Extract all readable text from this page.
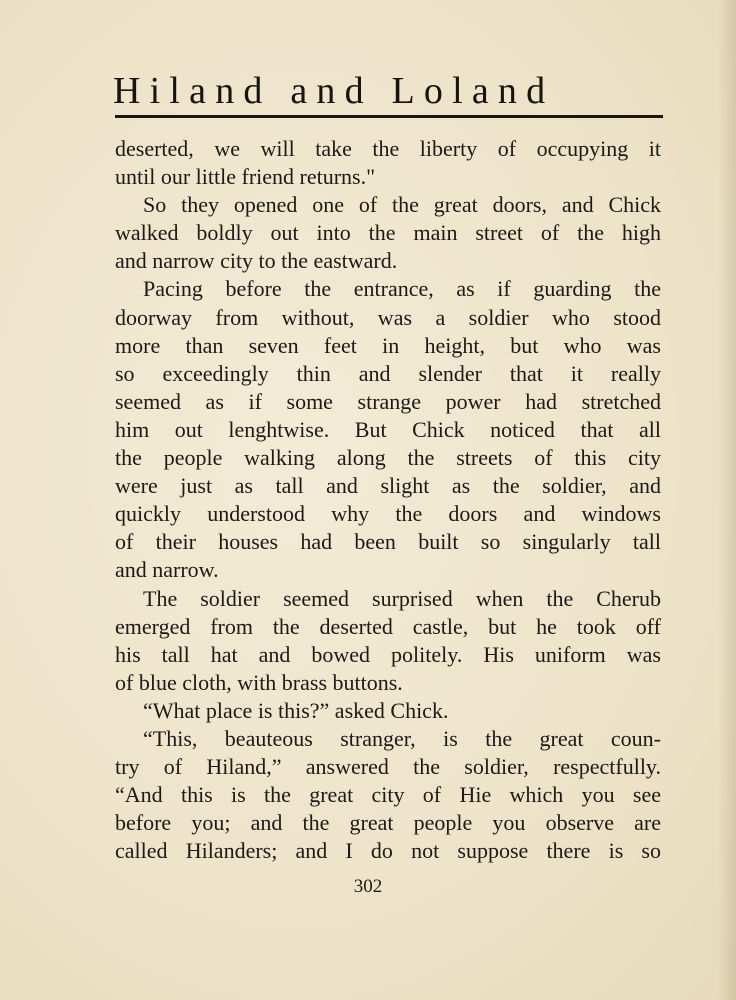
Hiland and Loland
deserted, we will take the liberty of occupying it
until our little friend returns."
So they opened one of the great doors, and Chick
walked boldly out into the main street of the high
and narrow city to the eastward.
Pacing before the entrance, as if guarding the
doorway from without, was a soldier who stood
more than seven feet in height, but who was
so exceedingly thin and slender that it really
seemed as if some strange power had stretched
him out lenghtwise. But Chick noticed that all
the people walking along the streets of this city
were just as tall and slight as the soldier, and
quickly understood why the doors and windows
of their houses had been built so singularly tall
and narrow.
The soldier seemed surprised when the Cherub
emerged from the deserted castle, but he took off
his tall hat and bowed politely. His uniform was
of blue cloth, with brass buttons.
“What place is this?” asked Chick.
“This, beauteous stranger, is the great coun-
try of Hiland,” answered the soldier, respectfully.
“And this is the great city of Hie which you see
before you; and the great people you observe are
called Hilanders; and I do not suppose there is so
302
